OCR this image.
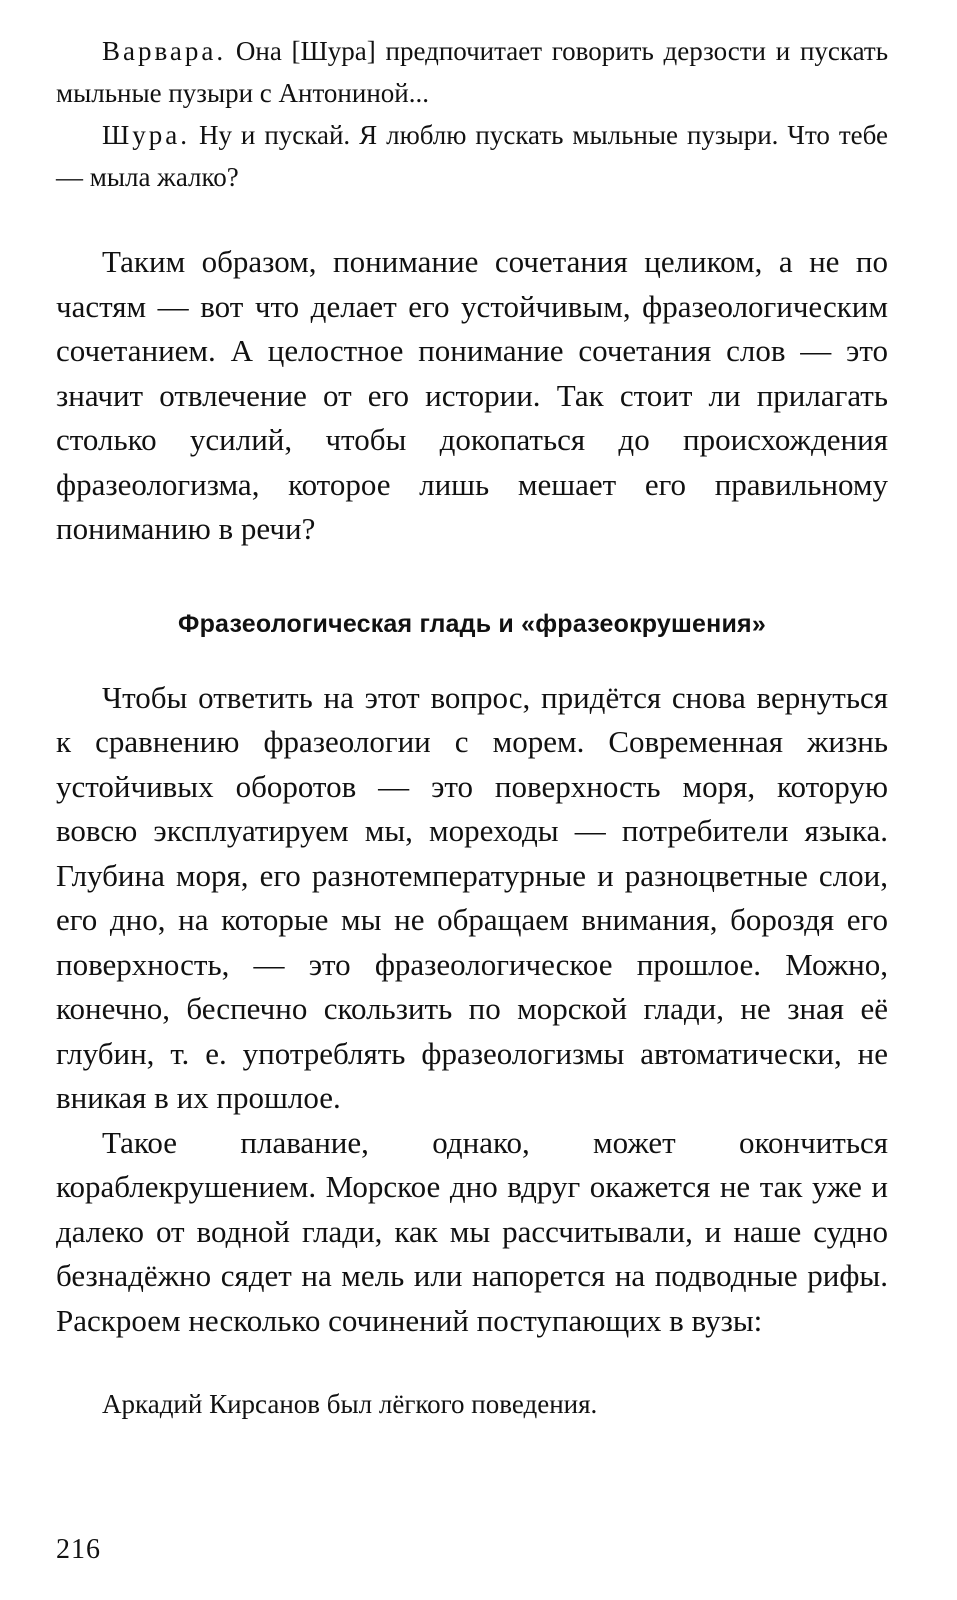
Варвара. Она [Шура] предпочитает говорить дерзости и пускать мыльные пузыри с Антониной...

Шура. Ну и пускай. Я люблю пускать мыльные пузыри. Что тебе — мыла жалко?

Таким образом, понимание сочетания целиком, а не по частям — вот что делает его устойчивым, фразеологическим сочетанием. А целостное понимание сочетания слов — это значит отвлечение от его истории. Так стоит ли прилагать столько усилий, чтобы докопаться до происхождения фразеологизма, которое лишь мешает его правильному пониманию в речи?

Фразеологическая гладь и «фразеокрушения»

Чтобы ответить на этот вопрос, придётся снова вернуться к сравнению фразеологии с морем. Современная жизнь устойчивых оборотов — это поверхность моря, которую вовсю эксплуатируем мы, мореходы — потребители языка. Глубина моря, его разнотемпературные и разноцветные слои, его дно, на которые мы не обращаем внимания, бороздя его поверхность, — это фразеологическое прошлое. Можно, конечно, беспечно скользить по морской глади, не зная её глубин, т. е. употреблять фразеологизмы автоматически, не вникая в их прошлое.

Такое плавание, однако, может окончиться кораблекрушением. Морское дно вдруг окажется не так уже и далеко от водной глади, как мы рассчитывали, и наше судно безнадёжно сядет на мель или напорется на подводные рифы. Раскроем несколько сочинений поступающих в вузы:

Аркадий Кирсанов был лёгкого поведения.

216
